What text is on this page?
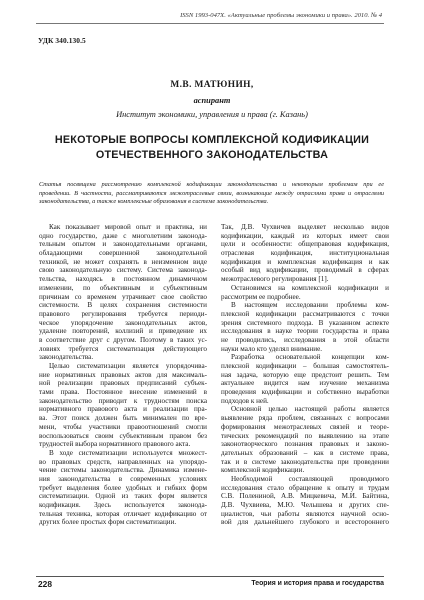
ISSN 1993-047X. «Актуальные проблемы экономики и права». 2010. № 4
УДК 340.130.5
М.В. МАТЮНИН,
аспирант
Институт экономики, управления и права (г. Казань)
НЕКОТОРЫЕ ВОПРОСЫ КОМПЛЕКСНОЙ КОДИФИКАЦИИ
ОТЕЧЕСТВЕННОГО ЗАКОНОДАТЕЛЬСТВА
Статья посвящена рассмотрению комплексной кодификации законодательства и некоторым проблемам при ее
проведении. В частности, рассматриваются межотраслевые связи, возникающие между отраслями права и отраслями
законодательства, а также комплексные образования в системе законодательства.
Как показывает мировой опыт и практика, ни
одно государство, даже с многолетним законода-
тельным опытом и законодательными органами,
обладающими совершенной законодательной
техникой, не может сохранять в неизменном виде
свою законодательную систему. Система законода-
тельства, находясь в постоянном динамичном
изменении, по объективным и субъективным
причинам со временем утрачивает свое свойство
системности. В целях сохранения системности
правового регулирования требуется периоди-
ческое упорядочение законодательных актов,
удаление повторений, коллизий и приведение их
в соответствие друг с другом. Поэтому в таких ус-
ловиях требуется систематизация действующего
законодательства.
Целью систематизации является упорядочива-
ние нормативных правовых актов для максималь-
ной реализации правовых предписаний субъек-
тами права. Постоянное внесение изменений в
законодательство приводит к трудностям поиска
нормативного правового акта и реализации пра-
ва. Этот поиск должен быть минимален по вре-
мени, чтобы участники правоотношений смогли
воспользоваться своим субъективным правом без
трудностей выбора нормативного правового акта.
В ходе систематизации используется множест-
во правовых средств, направленных на упорядо-
чение системы законодательства. Динамика измене-
ния законодательства в современных условиях
требует выделения более удобных и гибких форм
систематизации. Одной из таких форм является
кодификация. Здесь используется законода-
тельная техника, которая отличает кодификацию от
других более простых форм систематизации.
Так, Д.В. Чухвичев выделяет несколько видов
кодификации, каждый из которых имеет свои
цели и особенности: общеправовая кодификация,
отраслевая кодификация, институциональная
кодификация и комплексная кодификация и как
особый вид кодификации, проводимый в сферах
межотраслевого регулирования [1].
Остановимся на комплексной кодификации и
рассмотрим ее подробнее.
В настоящем исследовании проблемы ком-
плексной кодификации рассматриваются с точки
зрения системного подхода. В указанном аспекте
исследования в науке теории государства и права
не проводились, исследования в этой области
науки мало кто уделял внимание.
Разработка основательной концепции ком-
плексной кодификации – большая самостоятель-
ная задача, которую еще предстоит решить. Тем
актуальнее видится нам изучение механизма
проведения кодификации и собственно выработки
подходов к ней.
Основной целью настоящей работы является
выявление ряда проблем, связанных с вопросами
формирования межотраслевых связей и теоре-
тических рекомендаций по выявлению на этапе
законотворческого познания правовых и законо-
дательных образований – как в системе права,
так и в системе законодательства при проведении
комплексной кодификации.
Необходимой составляющей проводимого
исследования стало обращение к опыту и трудам
С.В. Полениной, А.В. Мицкевича, М.И. Байтина,
Д.В. Чухвиева, М.Ю. Челышева и других спе-
циалистов, чьи работы являются научной осно-
вой для дальнейшего глубокого и всестороннего
228	Теория и история права и государства
